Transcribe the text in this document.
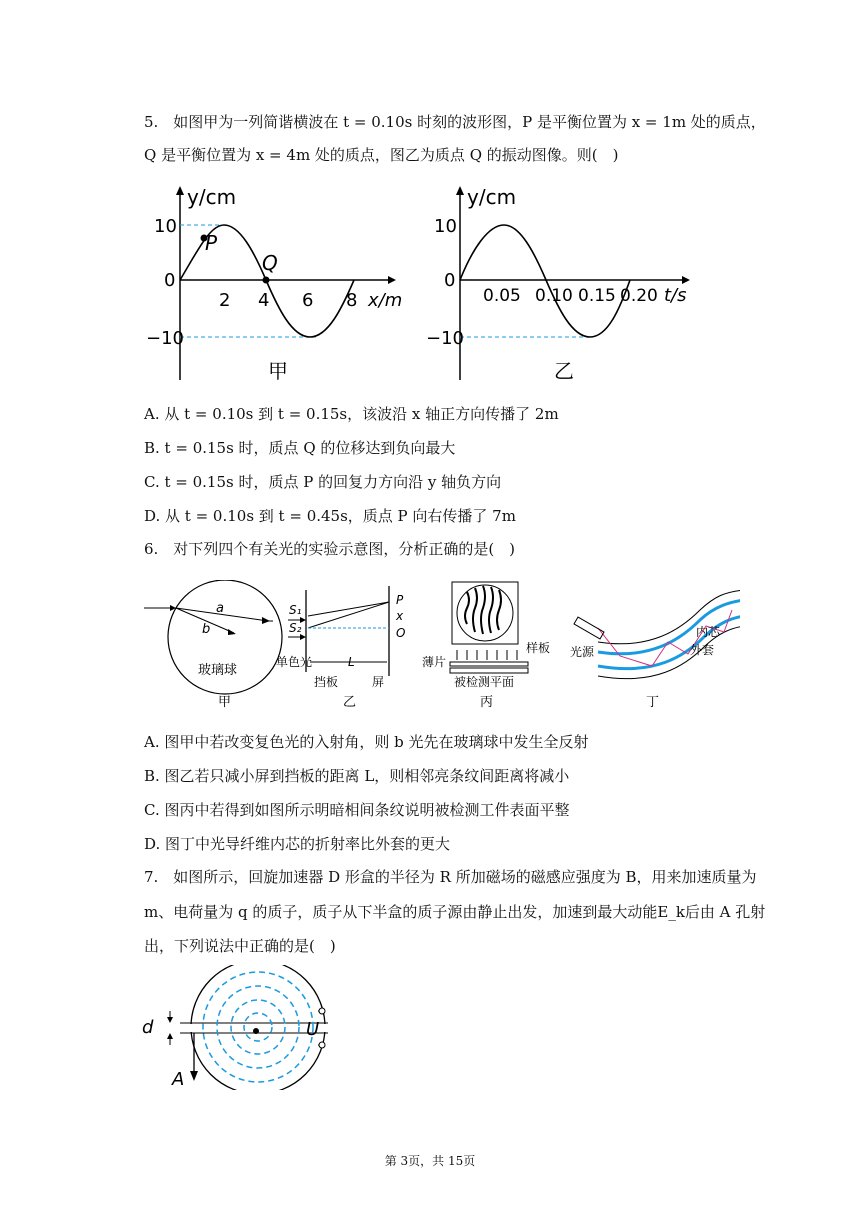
5.　如图甲为一列简谐横波在 t = 0.10s 时刻的波形图，P 是平衡位置为 x = 1m 处的质点，
Q 是平衡位置为 x = 4m 处的质点，图乙为质点 Q 的振动图像。则(　)
y/cm
x/m
10
0
−10
2 4 6 8
P
Q
甲
y/cm
t/s
10
0
−10
0.05 0.10 0.15 0.20
乙
A. 从 t = 0.10s 到 t = 0.15s，该波沿 x 轴正方向传播了 2m
B. t = 0.15s 时，质点 Q 的位移达到负向最大
C. t = 0.15s 时，质点 P 的回复力方向沿 y 轴负方向
D. 从 t = 0.10s 到 t = 0.45s，质点 P 向右传播了 7m
6.　对下列四个有关光的实验示意图，分析正确的是(　)
a
b
玻璃球
甲
S₁
S₂
P
x
O
L
单色光
挡板	屏
乙
薄片
样板
被检测平面
丙
光源
内芯
外套
丁
A. 图甲中若改变复色光的入射角，则 b 光先在玻璃球中发生全反射
B. 图乙若只减小屏到挡板的距离 L，则相邻亮条纹间距离将减小
C. 图丙中若得到如图所示明暗相间条纹说明被检测工件表面平整
D. 图丁中光导纤维内芯的折射率比外套的更大
7.　如图所示，回旋加速器 D 形盒的半径为 R 所加磁场的磁感应强度为 B，用来加速质量为
m、电荷量为 q 的质子，质子从下半盒的质子源由静止出发，加速到最大动能E_k后由 A 孔射
出，下列说法中正确的是(　)
d	U
A
第 3页，共 15页
